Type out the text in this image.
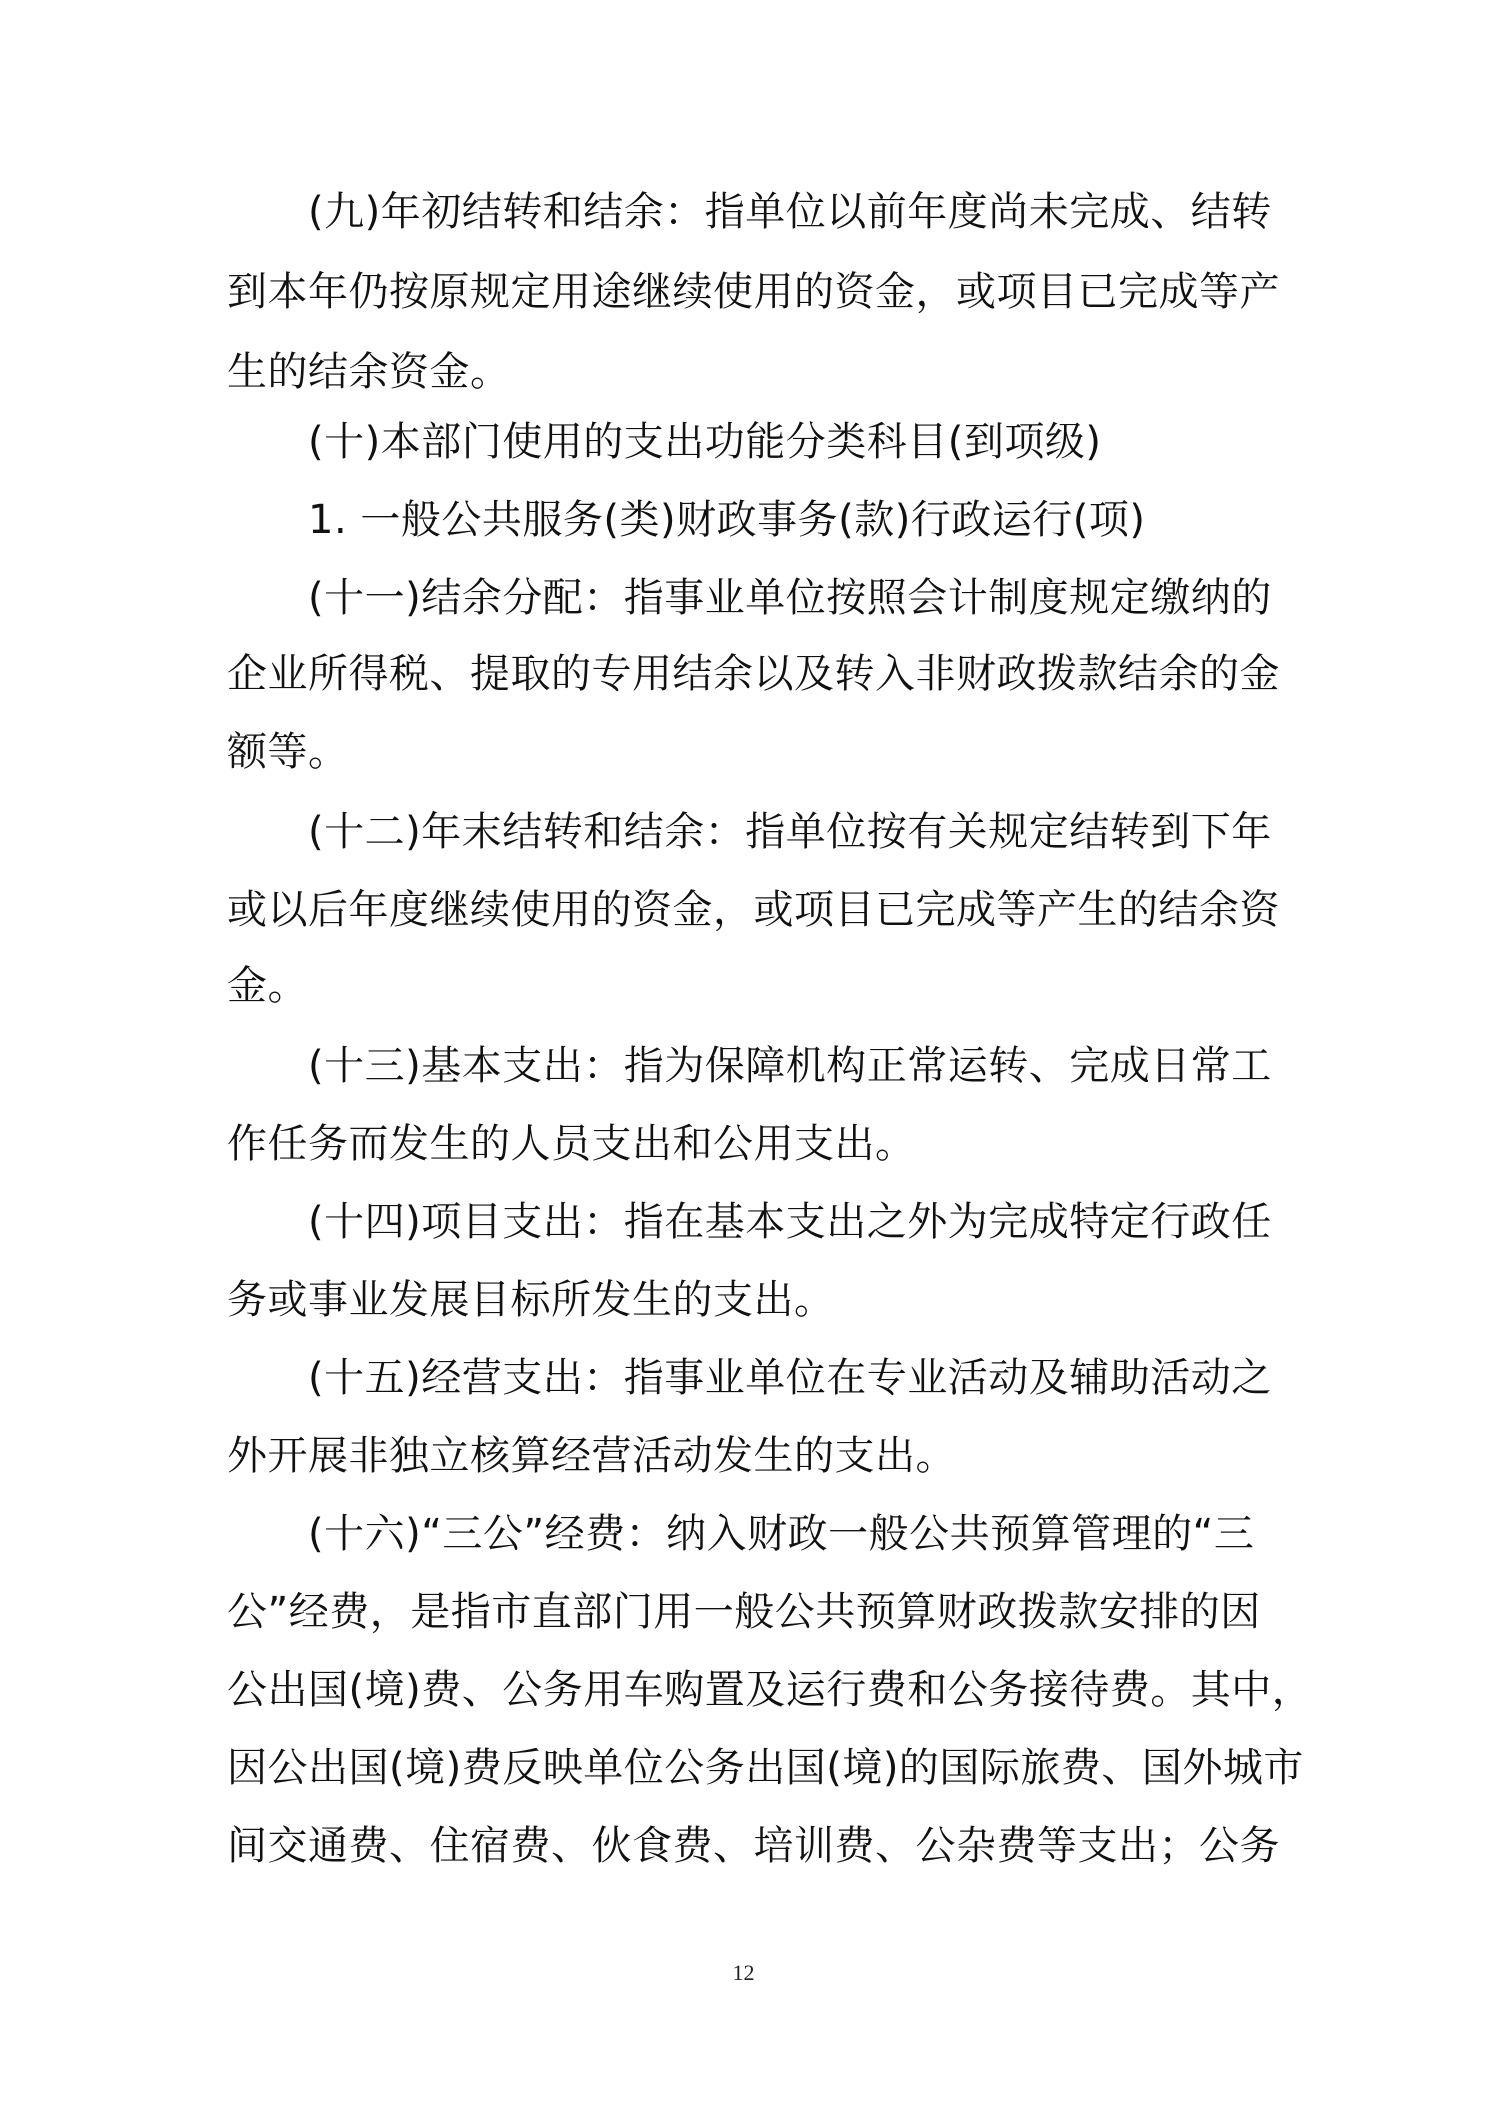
(九)年初结转和结余：指单位以前年度尚未完成、结转
到本年仍按原规定用途继续使用的资金，或项目已完成等产
生的结余资金。
(十)本部门使用的支出功能分类科目(到项级)
1. 一般公共服务(类)财政事务(款)行政运行(项)
(十一)结余分配：指事业单位按照会计制度规定缴纳的
企业所得税、提取的专用结余以及转入非财政拨款结余的金
额等。
(十二)年末结转和结余：指单位按有关规定结转到下年
或以后年度继续使用的资金，或项目已完成等产生的结余资
金。
(十三)基本支出：指为保障机构正常运转、完成日常工
作任务而发生的人员支出和公用支出。
(十四)项目支出：指在基本支出之外为完成特定行政任
务或事业发展目标所发生的支出。
(十五)经营支出：指事业单位在专业活动及辅助活动之
外开展非独立核算经营活动发生的支出。
(十六)“三公”经费：纳入财政一般公共预算管理的“三
公”经费，是指市直部门用一般公共预算财政拨款安排的因
公出国(境)费、公务用车购置及运行费和公务接待费。其中，
因公出国(境)费反映单位公务出国(境)的国际旅费、国外城市
间交通费、住宿费、伙食费、培训费、公杂费等支出；公务
12
